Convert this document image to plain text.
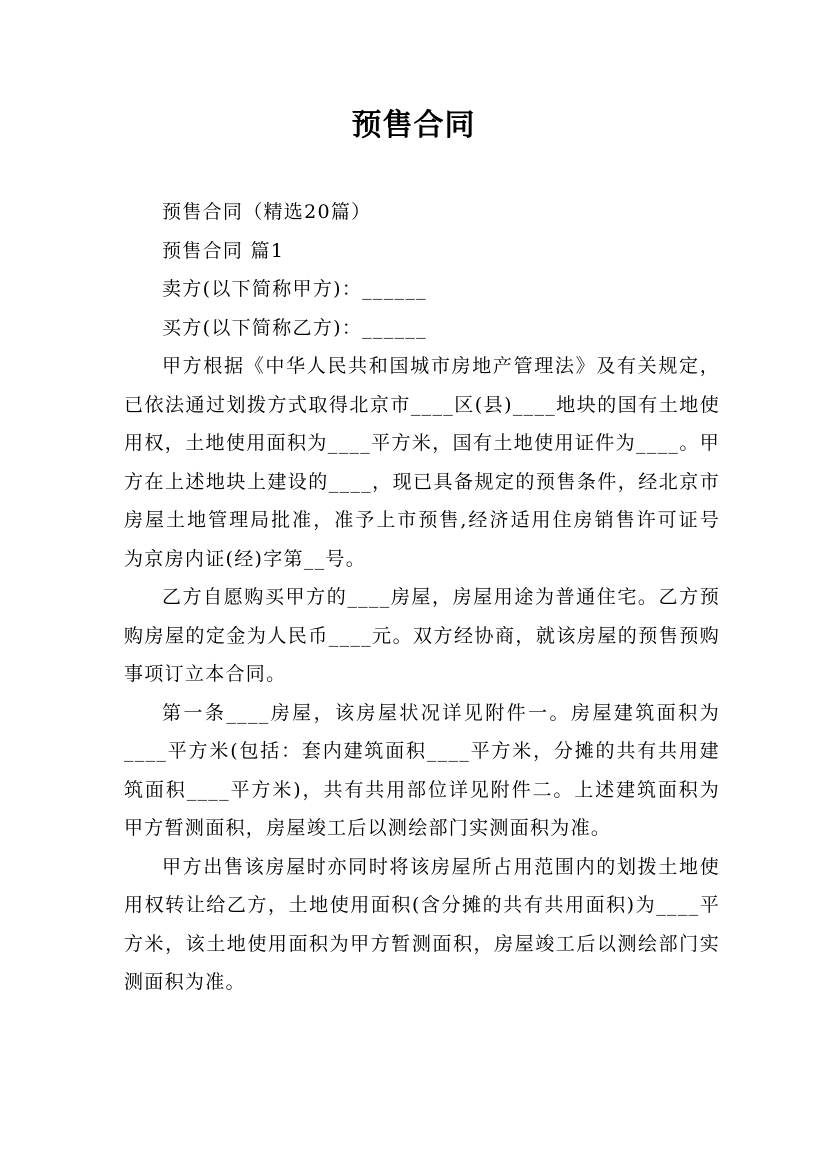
预售合同

预售合同（精选20篇）

预售合同 篇1

卖方(以下简称甲方)：______

买方(以下简称乙方)：______

甲方根据《中华人民共和国城市房地产管理法》及有关规定，已依法通过划拨方式取得北京市____区(县)____地块的国有土地使用权，土地使用面积为____平方米，国有土地使用证件为____。甲方在上述地块上建设的____，现已具备规定的预售条件，经北京市房屋土地管理局批准，准予上市预售,经济适用住房销售许可证号为京房内证(经)字第__号。

乙方自愿购买甲方的____房屋，房屋用途为普通住宅。乙方预购房屋的定金为人民币____元。双方经协商，就该房屋的预售预购事项订立本合同。

第一条____房屋，该房屋状况详见附件一。房屋建筑面积为____平方米(包括：套内建筑面积____平方米，分摊的共有共用建筑面积____平方米)，共有共用部位详见附件二。上述建筑面积为甲方暂测面积，房屋竣工后以测绘部门实测面积为准。

甲方出售该房屋时亦同时将该房屋所占用范围内的划拨土地使用权转让给乙方，土地使用面积(含分摊的共有共用面积)为____平方米，该土地使用面积为甲方暂测面积，房屋竣工后以测绘部门实测面积为准。
